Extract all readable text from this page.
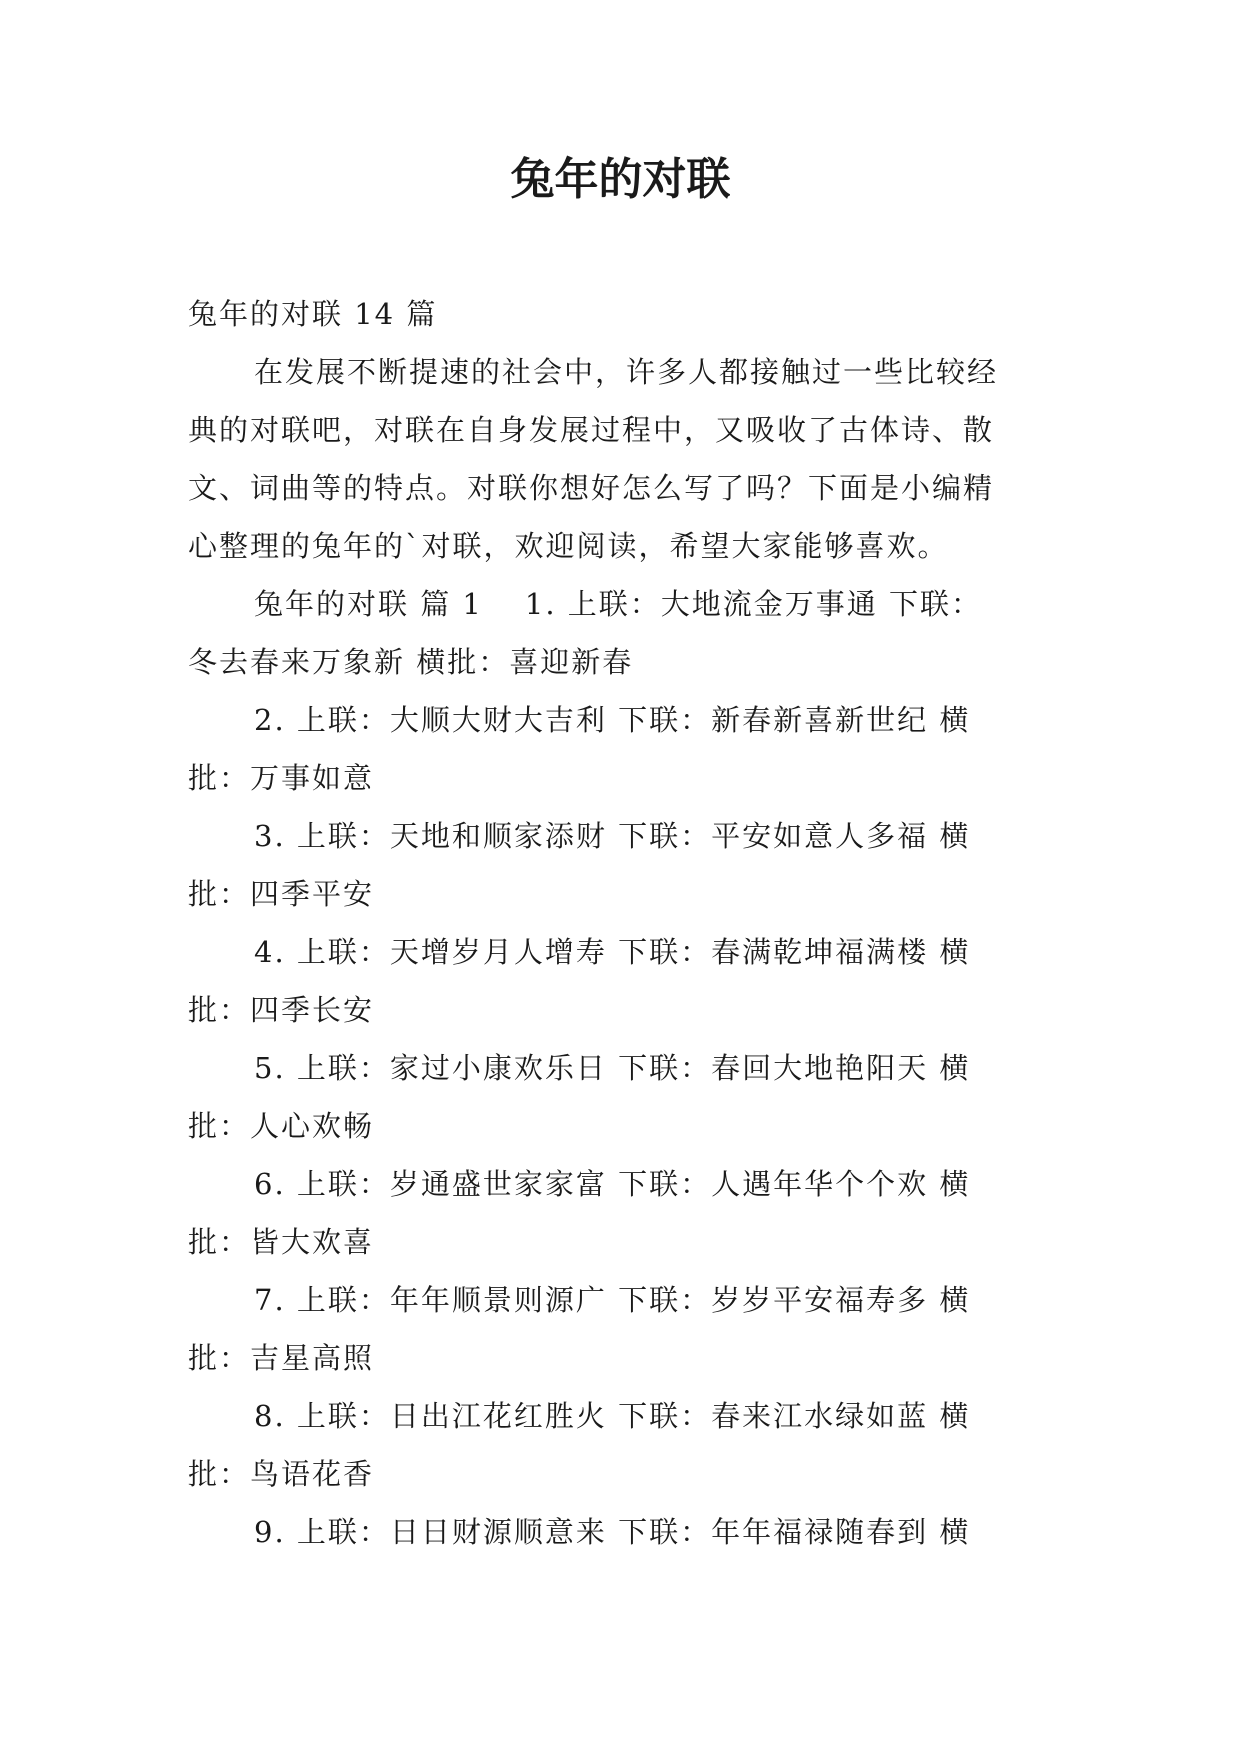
兔年的对联
兔年的对联 14 篇

在发展不断提速的社会中，许多人都接触过一些比较经
典的对联吧，对联在自身发展过程中，又吸收了古体诗、散
文、词曲等的特点。对联你想好怎么写了吗？下面是小编精
心整理的兔年的`对联，欢迎阅读，希望大家能够喜欢。

兔年的对联 篇 1 1. 上联：大地流金万事通 下联：
冬去春来万象新 横批：喜迎新春

2. 上联：大顺大财大吉利 下联：新春新喜新世纪 横
批：万事如意

3. 上联：天地和顺家添财 下联：平安如意人多福 横
批：四季平安

4. 上联：天增岁月人增寿 下联：春满乾坤福满楼 横
批：四季长安

5. 上联：家过小康欢乐日 下联：春回大地艳阳天 横
批：人心欢畅

6. 上联：岁通盛世家家富 下联：人遇年华个个欢 横
批：皆大欢喜

7. 上联：年年顺景则源广 下联：岁岁平安福寿多 横
批：吉星高照

8. 上联：日出江花红胜火 下联：春来江水绿如蓝 横
批：鸟语花香

9. 上联：日日财源顺意来 下联：年年福禄随春到 横
